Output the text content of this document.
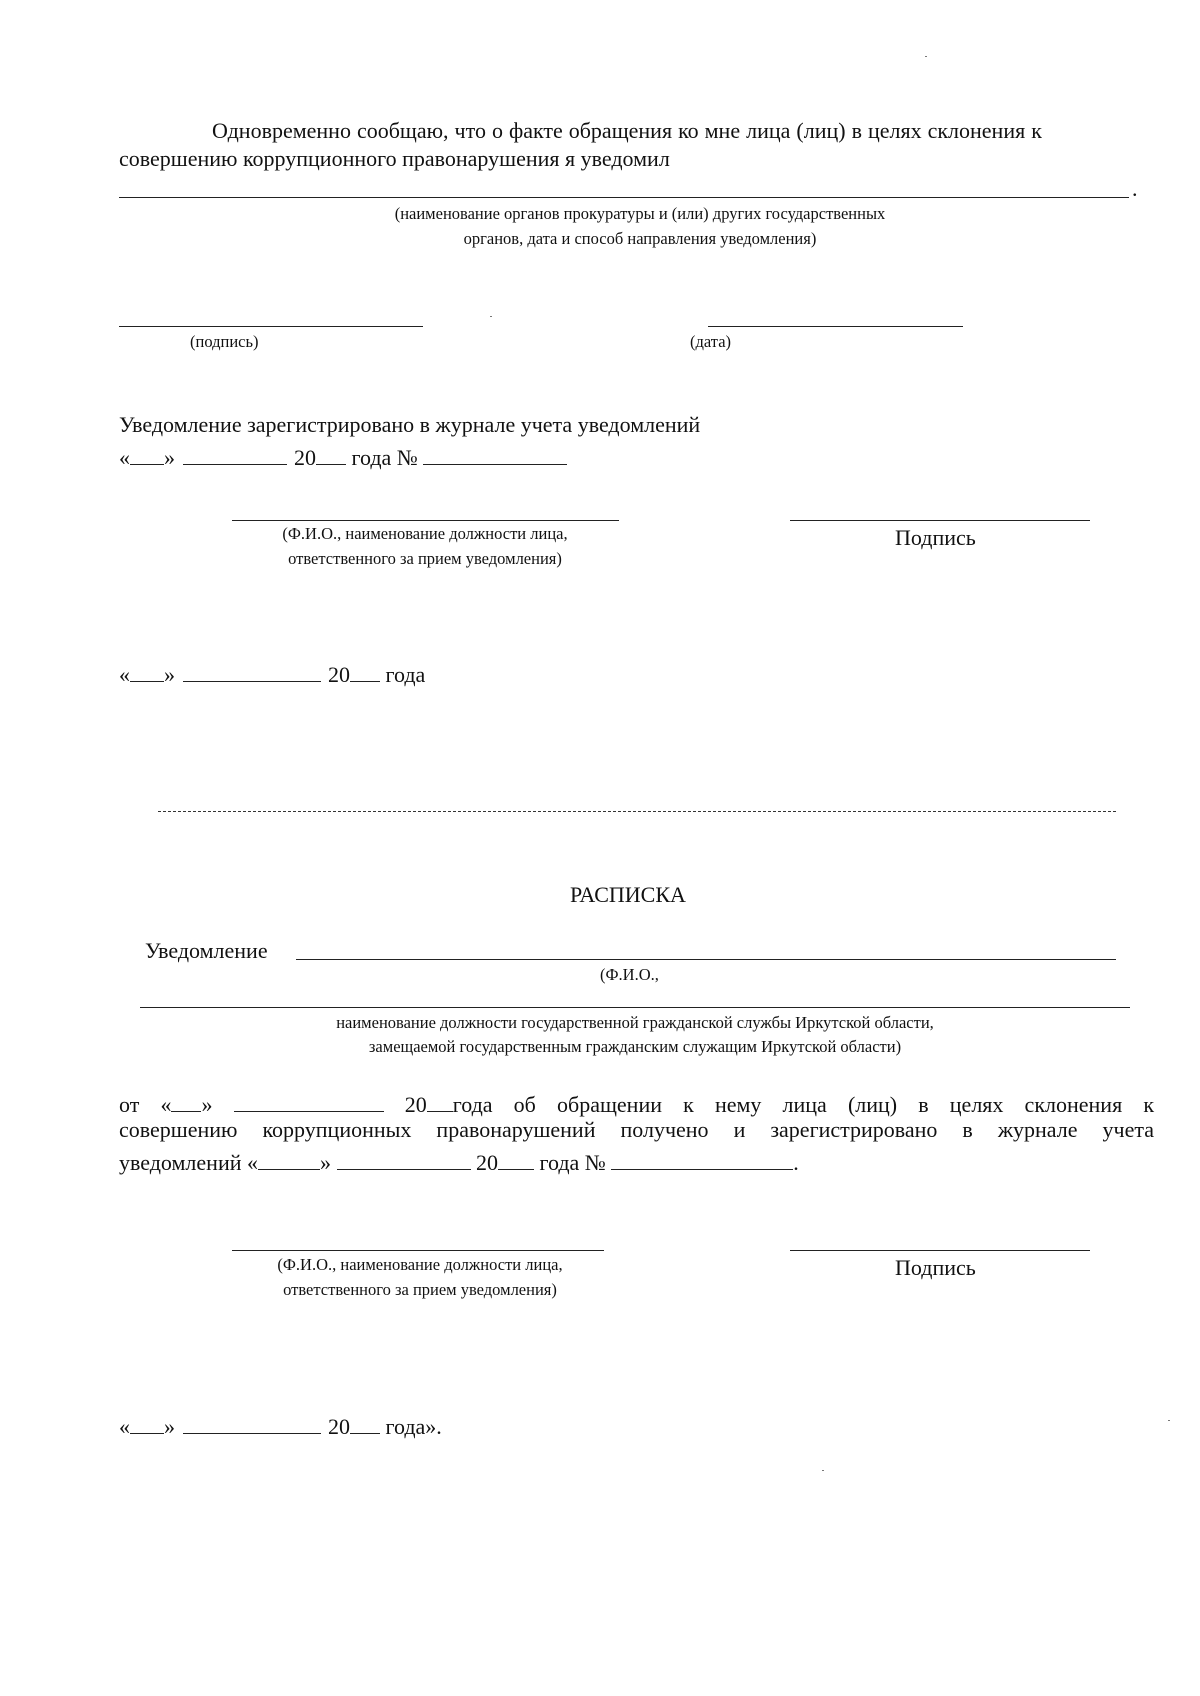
Одновременно сообщаю, что о факте обращения ко мне лица (лиц) в целях склонения к
совершению коррупционного правонарушения я уведомил
.
(наименование органов прокуратуры и (или) других государственных
органов, дата и способ направления уведомления)
(подпись)	(дата)
Уведомление зарегистрировано в журнале учета уведомлений
« »	20 года №
(Ф.И.О., наименование должности лица,
ответственного за прием уведомления)
Подпись
« »	20 года
РАСПИСКА
Уведомление
(Ф.И.О.,
наименование должности государственной гражданской службы Иркутской области,
замещаемой государственным гражданским служащим Иркутской области)
от « »	20 года об обращении к нему лица (лиц) в целях склонения к
совершению коррупционных правонарушений получено и зарегистрировано в журнале учета
уведомлений «	»	20 года №	.
(Ф.И.О., наименование должности лица,
ответственного за прием уведомления)
Подпись
« »	20 года».
